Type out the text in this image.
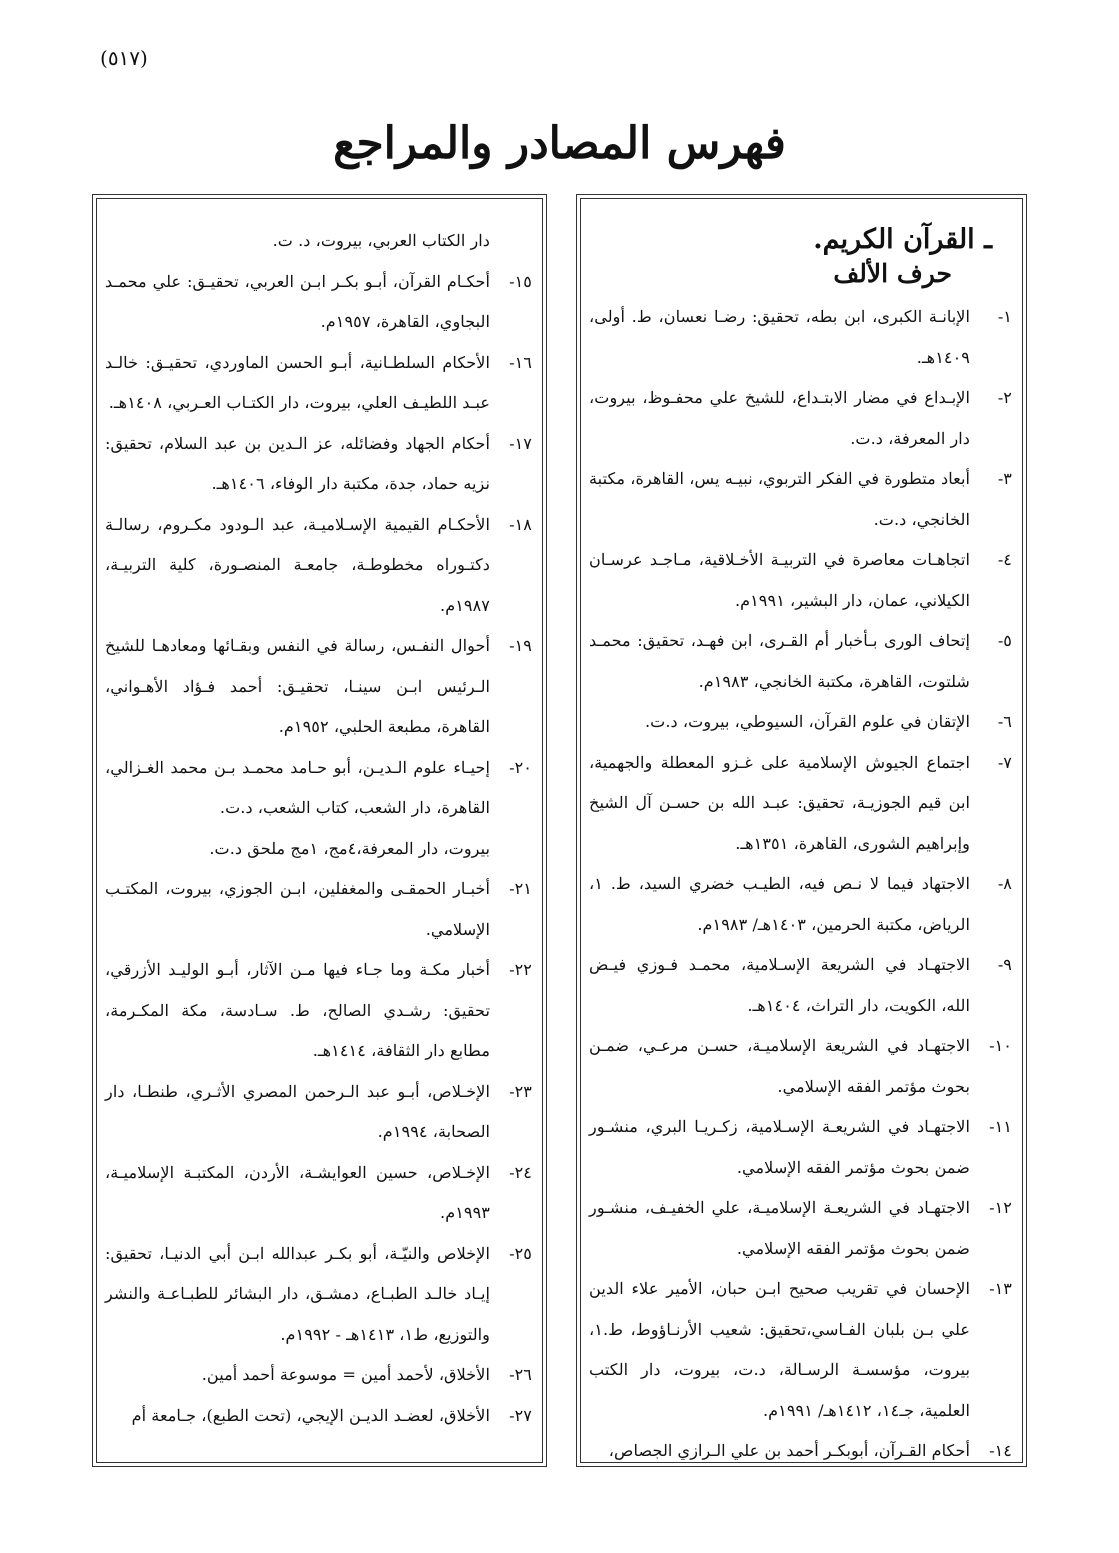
(٥١٧)
فهرس المصادر والمراجع
ـ القرآن الكريم.
حرف الألف
١-
الإبانـة الكبرى، ابن بطه، تحقيق: رضـا نعسان، ط. أولى، ١٤٠٩هـ.
٢-
الإبـداع في مضار الابتـداع، للشيخ علي محفـوظ، بيروت، دار المعرفة، د.ت.
٣-
أبعاد متطورة في الفكر التربوي، نبيـه يس، القاهرة، مكتبة الخانجي، د.ت.
٤-
اتجاهـات معاصرة في التربيـة الأخـلاقية، مـاجـد عرسـان الكيلاني، عمان، دار البشير، ١٩٩١م.
٥-
إتحاف الورى بـأخبار أم القـرى، ابن فهـد، تحقيق: محمـد شلتوت، القاهرة، مكتبة الخانجي، ١٩٨٣م.
٦-
الإتقان في علوم القرآن، السيوطي، بيروت، د.ت.
٧-
اجتماع الجيوش الإسلامية على غـزو المعطلة والجهمية، ابن قيم الجوزيـة، تحقيق: عبـد الله بن حسـن آل الشيخ وإبراهيم الشورى، القاهرة، ١٣٥١هـ.
٨-
الاجتهاد فيما لا نـص فيه، الطيـب خضري السيد، ط. ١، الرياض، مكتبة الحرمين، ١٤٠٣هـ/ ١٩٨٣م.
٩-
الاجتهـاد في الشريعة الإسـلامية، محمـد فـوزي فيـض الله، الكويت، دار التراث، ١٤٠٤هـ.
١٠-
الاجتهـاد في الشريعة الإسلاميـة، حسـن مرعـي، ضمـن بحوث مؤتمر الفقه الإسلامي.
١١-
الاجتهـاد في الشريعـة الإسـلامية، زكـريـا البري، منشـور ضمن بحوث مؤتمر الفقه الإسلامي.
١٢-
الاجتهـاد في الشريعـة الإسلاميـة، علي الخفيـف، منشـور ضمن بحوث مؤتمر الفقه الإسلامي.
١٣-
الإحسان في تقريب صحيح ابـن حبان، الأمير علاء الدين علي بـن بلبان الفـاسي،تحقيق: شعيب الأرنـاؤوط، ط.١، بيروت، مؤسسـة الرسـالة، د.ت، بيروت، دار الكتب العلمية، جـ١٤، ١٤١٢هـ/ ١٩٩١م.
١٤-
أحكام القـرآن، أبوبكـر أحمد بن علي الـرازي الجصاص،
دار الكتاب العربي، بيروت، د. ت.
١٥-
أحكـام القرآن، أبـو بكـر ابـن العربي، تحقيـق: علي محمـد البجاوي، القاهرة، ١٩٥٧م.
١٦-
الأحكام السلطـانية، أبـو الحسن الماوردي، تحقيـق: خالـد عبـد اللطيـف العلي، بيروت، دار الكتـاب العـربي، ١٤٠٨هـ.
١٧-
أحكام الجهاد وفضائله، عز الـدين بن عبد السلام، تحقيق: نزيه حماد، جدة، مكتبة دار الوفاء، ١٤٠٦هـ.
١٨-
الأحكـام القيمية الإسـلاميـة، عبد الـودود مكـروم، رسالـة دكتـوراه مخطوطـة، جامعـة المنصـورة، كلية التربيـة، ١٩٨٧م.
١٩-
أحوال النفـس، رسالة في النفس وبقـائها ومعادهـا للشيخ الـرئيس ابـن سينـا، تحقيـق: أحمد فـؤاد الأهـواني، القاهرة، مطبعة الحلبي، ١٩٥٢م.
٢٠-
إحيـاء علوم الـديـن، أبو حـامد محمـد بـن محمد الغـزالي، القاهرة، دار الشعب، كتاب الشعب، د.ت.
بيروت، دار المعرفة،٤مج، ١مج ملحق د.ت.
٢١-
أخبـار الحمقـى والمغفلين، ابـن الجوزي، بيروت، المكتـب الإسلامي.
٢٢-
أخبار مكـة وما جـاء فيها مـن الآثار، أبـو الوليـد الأزرقي، تحقيق: رشـدي الصالح، ط. سـادسة، مكة المكـرمة، مطابع دار الثقافة، ١٤١٤هـ.
٢٣-
الإخـلاص، أبـو عبد الـرحمن المصري الأثـري، طنطـا، دار الصحابة، ١٩٩٤م.
٢٤-
الإخـلاص، حسين العوايشـة، الأردن، المكتبـة الإسلاميـة، ١٩٩٣م.
٢٥-
الإخلاص والنيّـة، أبو بكـر عبدالله ابـن أبي الدنيـا، تحقيق: إيـاد خالـد الطبـاع، دمشـق، دار البشائر للطبـاعـة والنشر والتوزيع، ط١، ١٤١٣هـ - ١٩٩٢م.
٢٦-
الأخلاق، لأحمد أمين = موسوعة أحمد أمين.
٢٧-
الأخلاق، لعضـد الديـن الإيجي، (تحت الطبع)، جـامعة أم
